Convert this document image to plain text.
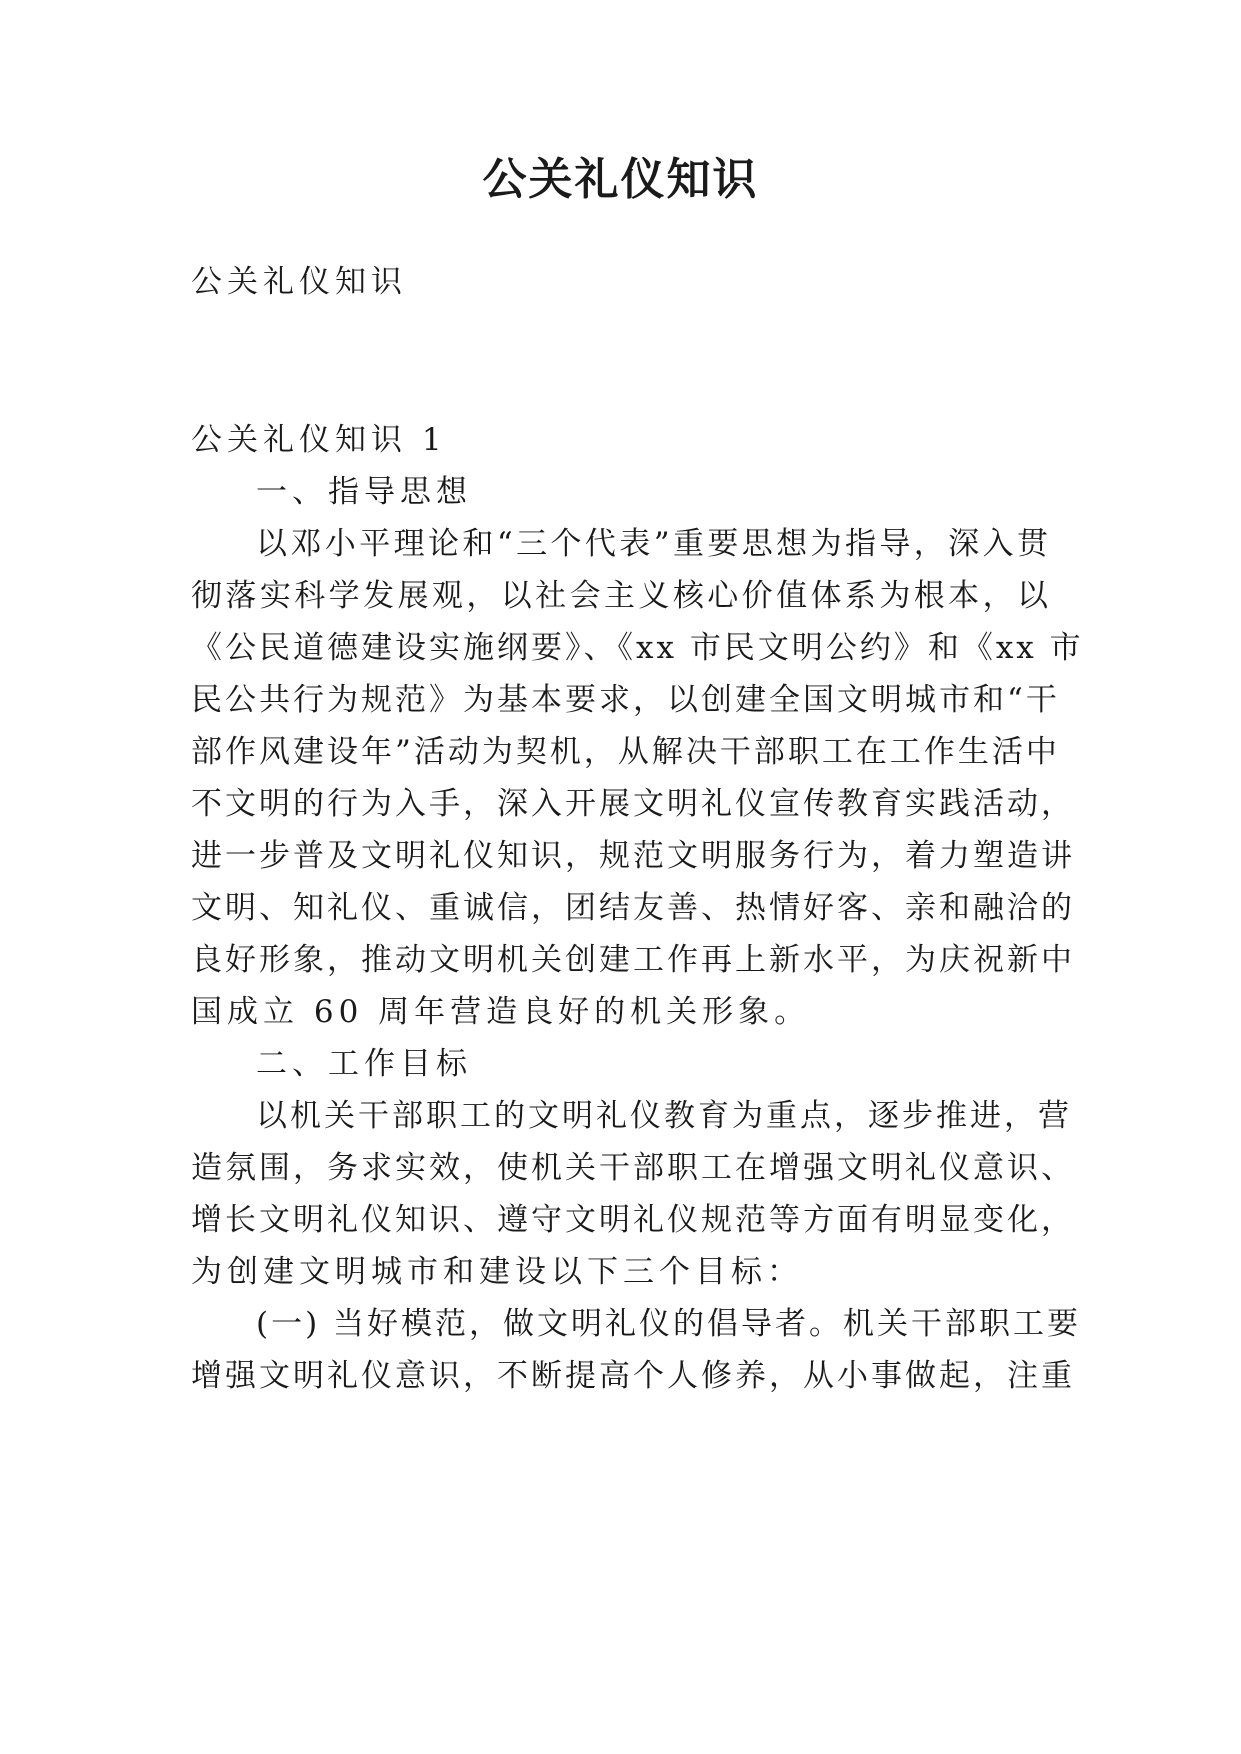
公关礼仪知识
公关礼仪知识
公关礼仪知识 1
一、指导思想
以邓小平理论和“三个代表”重要思想为指导，深入贯
彻落实科学发展观，以社会主义核心价值体系为根本，以
《公民道德建设实施纲要》、《xx 市民文明公约》和《xx 市
民公共行为规范》为基本要求，以创建全国文明城市和“干
部作风建设年”活动为契机，从解决干部职工在工作生活中
不文明的行为入手，深入开展文明礼仪宣传教育实践活动，
进一步普及文明礼仪知识，规范文明服务行为，着力塑造讲
文明、知礼仪、重诚信，团结友善、热情好客、亲和融洽的
良好形象，推动文明机关创建工作再上新水平，为庆祝新中
国成立 60 周年营造良好的机关形象。
二、工作目标
以机关干部职工的文明礼仪教育为重点，逐步推进，营
造氛围，务求实效，使机关干部职工在增强文明礼仪意识、
增长文明礼仪知识、遵守文明礼仪规范等方面有明显变化，
为创建文明城市和建设以下三个目标：
(一) 当好模范，做文明礼仪的倡导者。机关干部职工要
增强文明礼仪意识，不断提高个人修养，从小事做起，注重
